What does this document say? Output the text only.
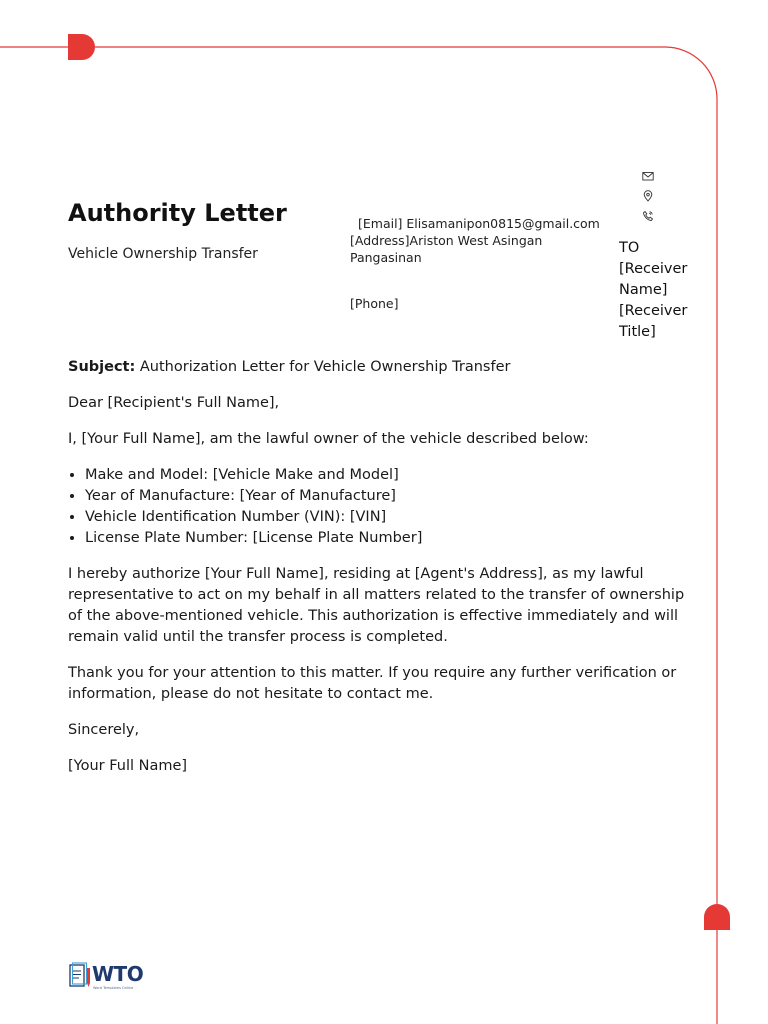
Authority Letter
Vehicle Ownership Transfer
[Email] Elisamanipon0815@gmail.com
[Address]Ariston West Asingan Pangasinan
[Phone]
TO
[Receiver Name]
[Receiver Title]

Subject: Authorization Letter for Vehicle Ownership Transfer

Dear [Recipient's Full Name],

I, [Your Full Name], am the lawful owner of the vehicle described below:

• Make and Model: [Vehicle Make and Model]
• Year of Manufacture: [Year of Manufacture]
• Vehicle Identification Number (VIN): [VIN]
• License Plate Number: [License Plate Number]

I hereby authorize [Your Full Name], residing at [Agent's Address], as my lawful representative to act on my behalf in all matters related to the transfer of ownership of the above-mentioned vehicle. This authorization is effective immediately and will remain valid until the transfer process is completed.

Thank you for your attention to this matter. If you require any further verification or information, please do not hesitate to contact me.

Sincerely,

[Your Full Name]

WTO
Word Templates Online
